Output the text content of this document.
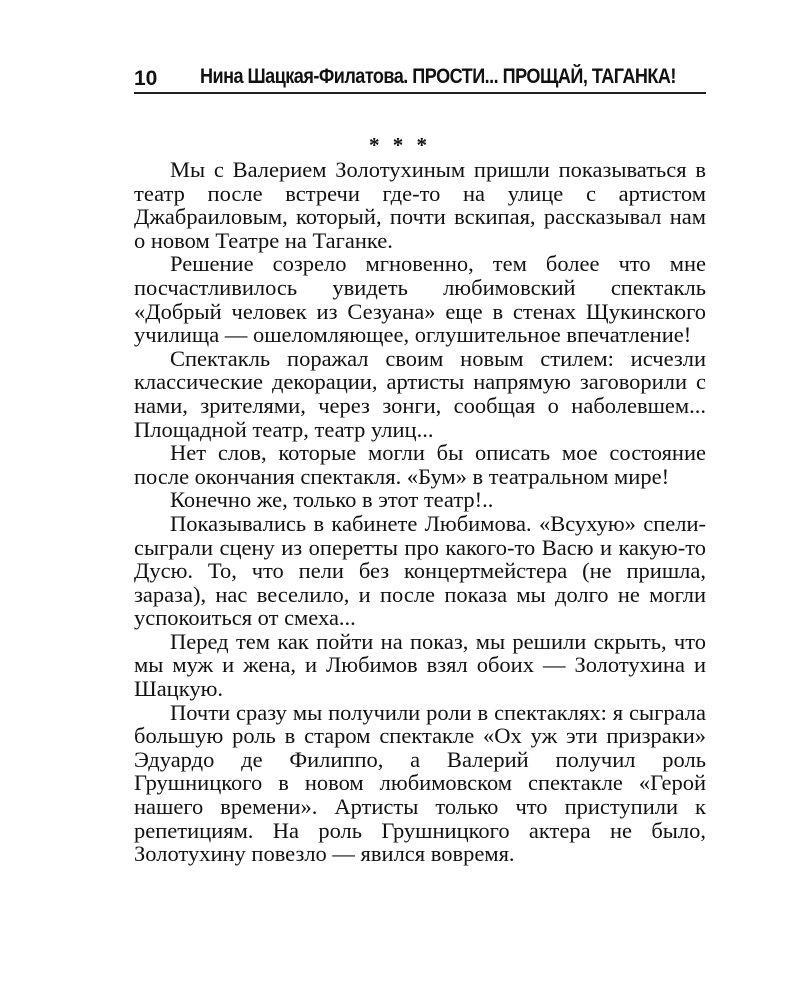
10 Нина Шацкая-Филатова. ПРОСТИ... ПРОЩАЙ, ТАГАНКА!
* * *

Мы с Валерием Золотухиным пришли показываться в театр после встречи где-то на улице с артистом Джабраиловым, который, почти вскипая, рассказывал нам о новом Театре на Таганке.

Решение созрело мгновенно, тем более что мне посчастливилось увидеть любимовский спектакль «Добрый человек из Сезуана» еще в стенах Щукинского училища — ошеломляющее, оглушительное впечатление!

Спектакль поражал своим новым стилем: исчезли классические декорации, артисты напрямую заговорили с нами, зрителями, через зонги, сообщая о наболевшем... Площадной театр, театр улиц...

Нет слов, которые могли бы описать мое состояние после окончания спектакля. «Бум» в театральном мире!

Конечно же, только в этот театр!..

Показывались в кабинете Любимова. «Всухую» спели-сыграли сцену из оперетты про какого-то Васю и какую-то Дусю. То, что пели без концертмейстера (не пришла, зараза), нас веселило, и после показа мы долго не могли успокоиться от смеха...

Перед тем как пойти на показ, мы решили скрыть, что мы муж и жена, и Любимов взял обоих — Золотухина и Шацкую.

Почти сразу мы получили роли в спектаклях: я сыграла большую роль в старом спектакле «Ох уж эти призраки» Эдуардо де Филиппо, а Валерий получил роль Грушницкого в новом любимовском спектакле «Герой нашего времени». Артисты только что приступили к репетициям. На роль Грушницкого актера не было, Золотухину повезло — явился вовремя.
